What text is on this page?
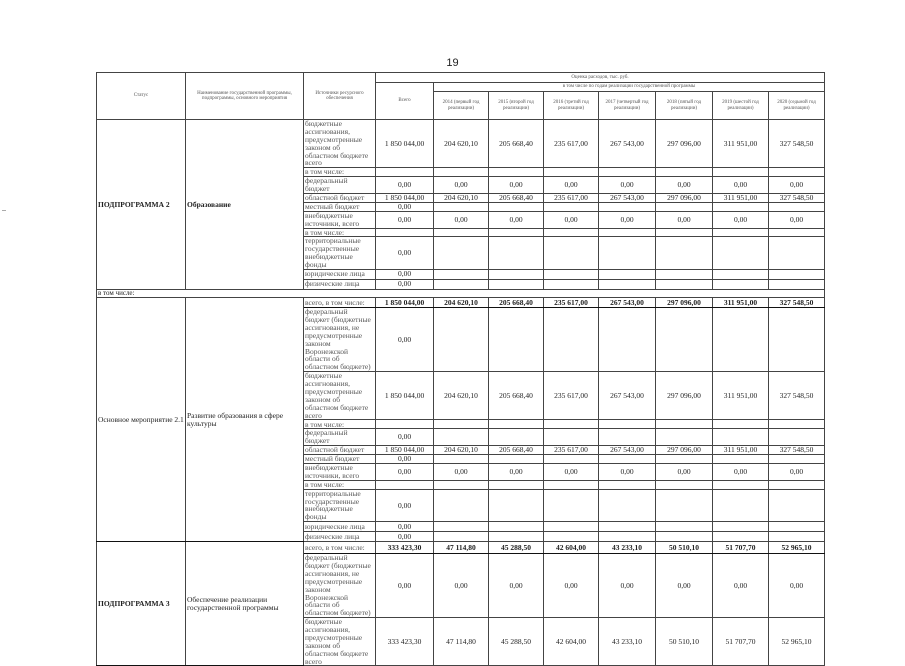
19
Статус	Наименование государственной программы, подпрограммы, основного мероприятия	Источники ресурсного обеспечения	Оценка расходов, тыс. руб.							
			Всего	в том числе по годам реализации государственной программы						
				2014 (первый год реализации)	2015 (второй год реализации)	2016 (третий год реализации)	2017 (четвертый год реализации)	2018 (пятый год реализации)	2019 (шестой год реализации)	2020 (седьмой год реализации)
ПОДПРОГРАММА 2	Образование	бюджетные ассигнования, предусмотренные законом об областном бюджете всего	1 850 044,00	204 620,10	205 668,40	235 617,00	267 543,00	297 096,00	311 951,00	327 548,50
		в том числе:								
		федеральный бюджет	0,00	0,00	0,00	0,00	0,00	0,00	0,00	0,00
		областной бюджет	1 850 044,00	204 620,10	205 668,40	235 617,00	267 543,00	297 096,00	311 951,00	327 548,50
		местный бюджет	0,00							
		внебюджетные источники, всего	0,00	0,00	0,00	0,00	0,00	0,00	0,00	0,00
		в том числе:								
		территориальные государственные внебюджетные фонды	0,00							
		юридические лица	0,00							
		физические лица	0,00							
в том числе:										
Основное мероприятие 2.1	Развитие образования в сфере культуры	всего, в том числе:	1 850 044,00	204 620,10	205 668,40	235 617,00	267 543,00	297 096,00	311 951,00	327 548,50
		федеральный бюджет (бюджетные ассигнования, не предусмотренные законом Воронежской области об областном бюджете)	0,00							
		бюджетные ассигнования, предусмотренные законом об областном бюджете всего	1 850 044,00	204 620,10	205 668,40	235 617,00	267 543,00	297 096,00	311 951,00	327 548,50
		в том числе:								
		федеральный бюджет	0,00							
		областной бюджет	1 850 044,00	204 620,10	205 668,40	235 617,00	267 543,00	297 096,00	311 951,00	327 548,50
		местный бюджет	0,00							
		внебюджетные источники, всего	0,00	0,00	0,00	0,00	0,00	0,00	0,00	0,00
		в том числе:								
		территориальные государственные внебюджетные фонды	0,00							
		юридические лица	0,00							
		физические лица	0,00							
ПОДПРОГРАММА 3	Обеспечение реализации государственной программы	всего, в том числе:	333 423,30	47 114,80	45 288,50	42 604,00	43 233,10	50 510,10	51 707,70	52 965,10
		федеральный бюджет (бюджетные ассигнования, не предусмотренные законом Воронежской области об областном бюджете)	0,00	0,00	0,00	0,00	0,00	0,00	0,00	0,00
		бюджетные ассигнования, предусмотренные законом об областном бюджете всего	333 423,30	47 114,80	45 288,50	42 604,00	43 233,10	50 510,10	51 707,70	52 965,10
